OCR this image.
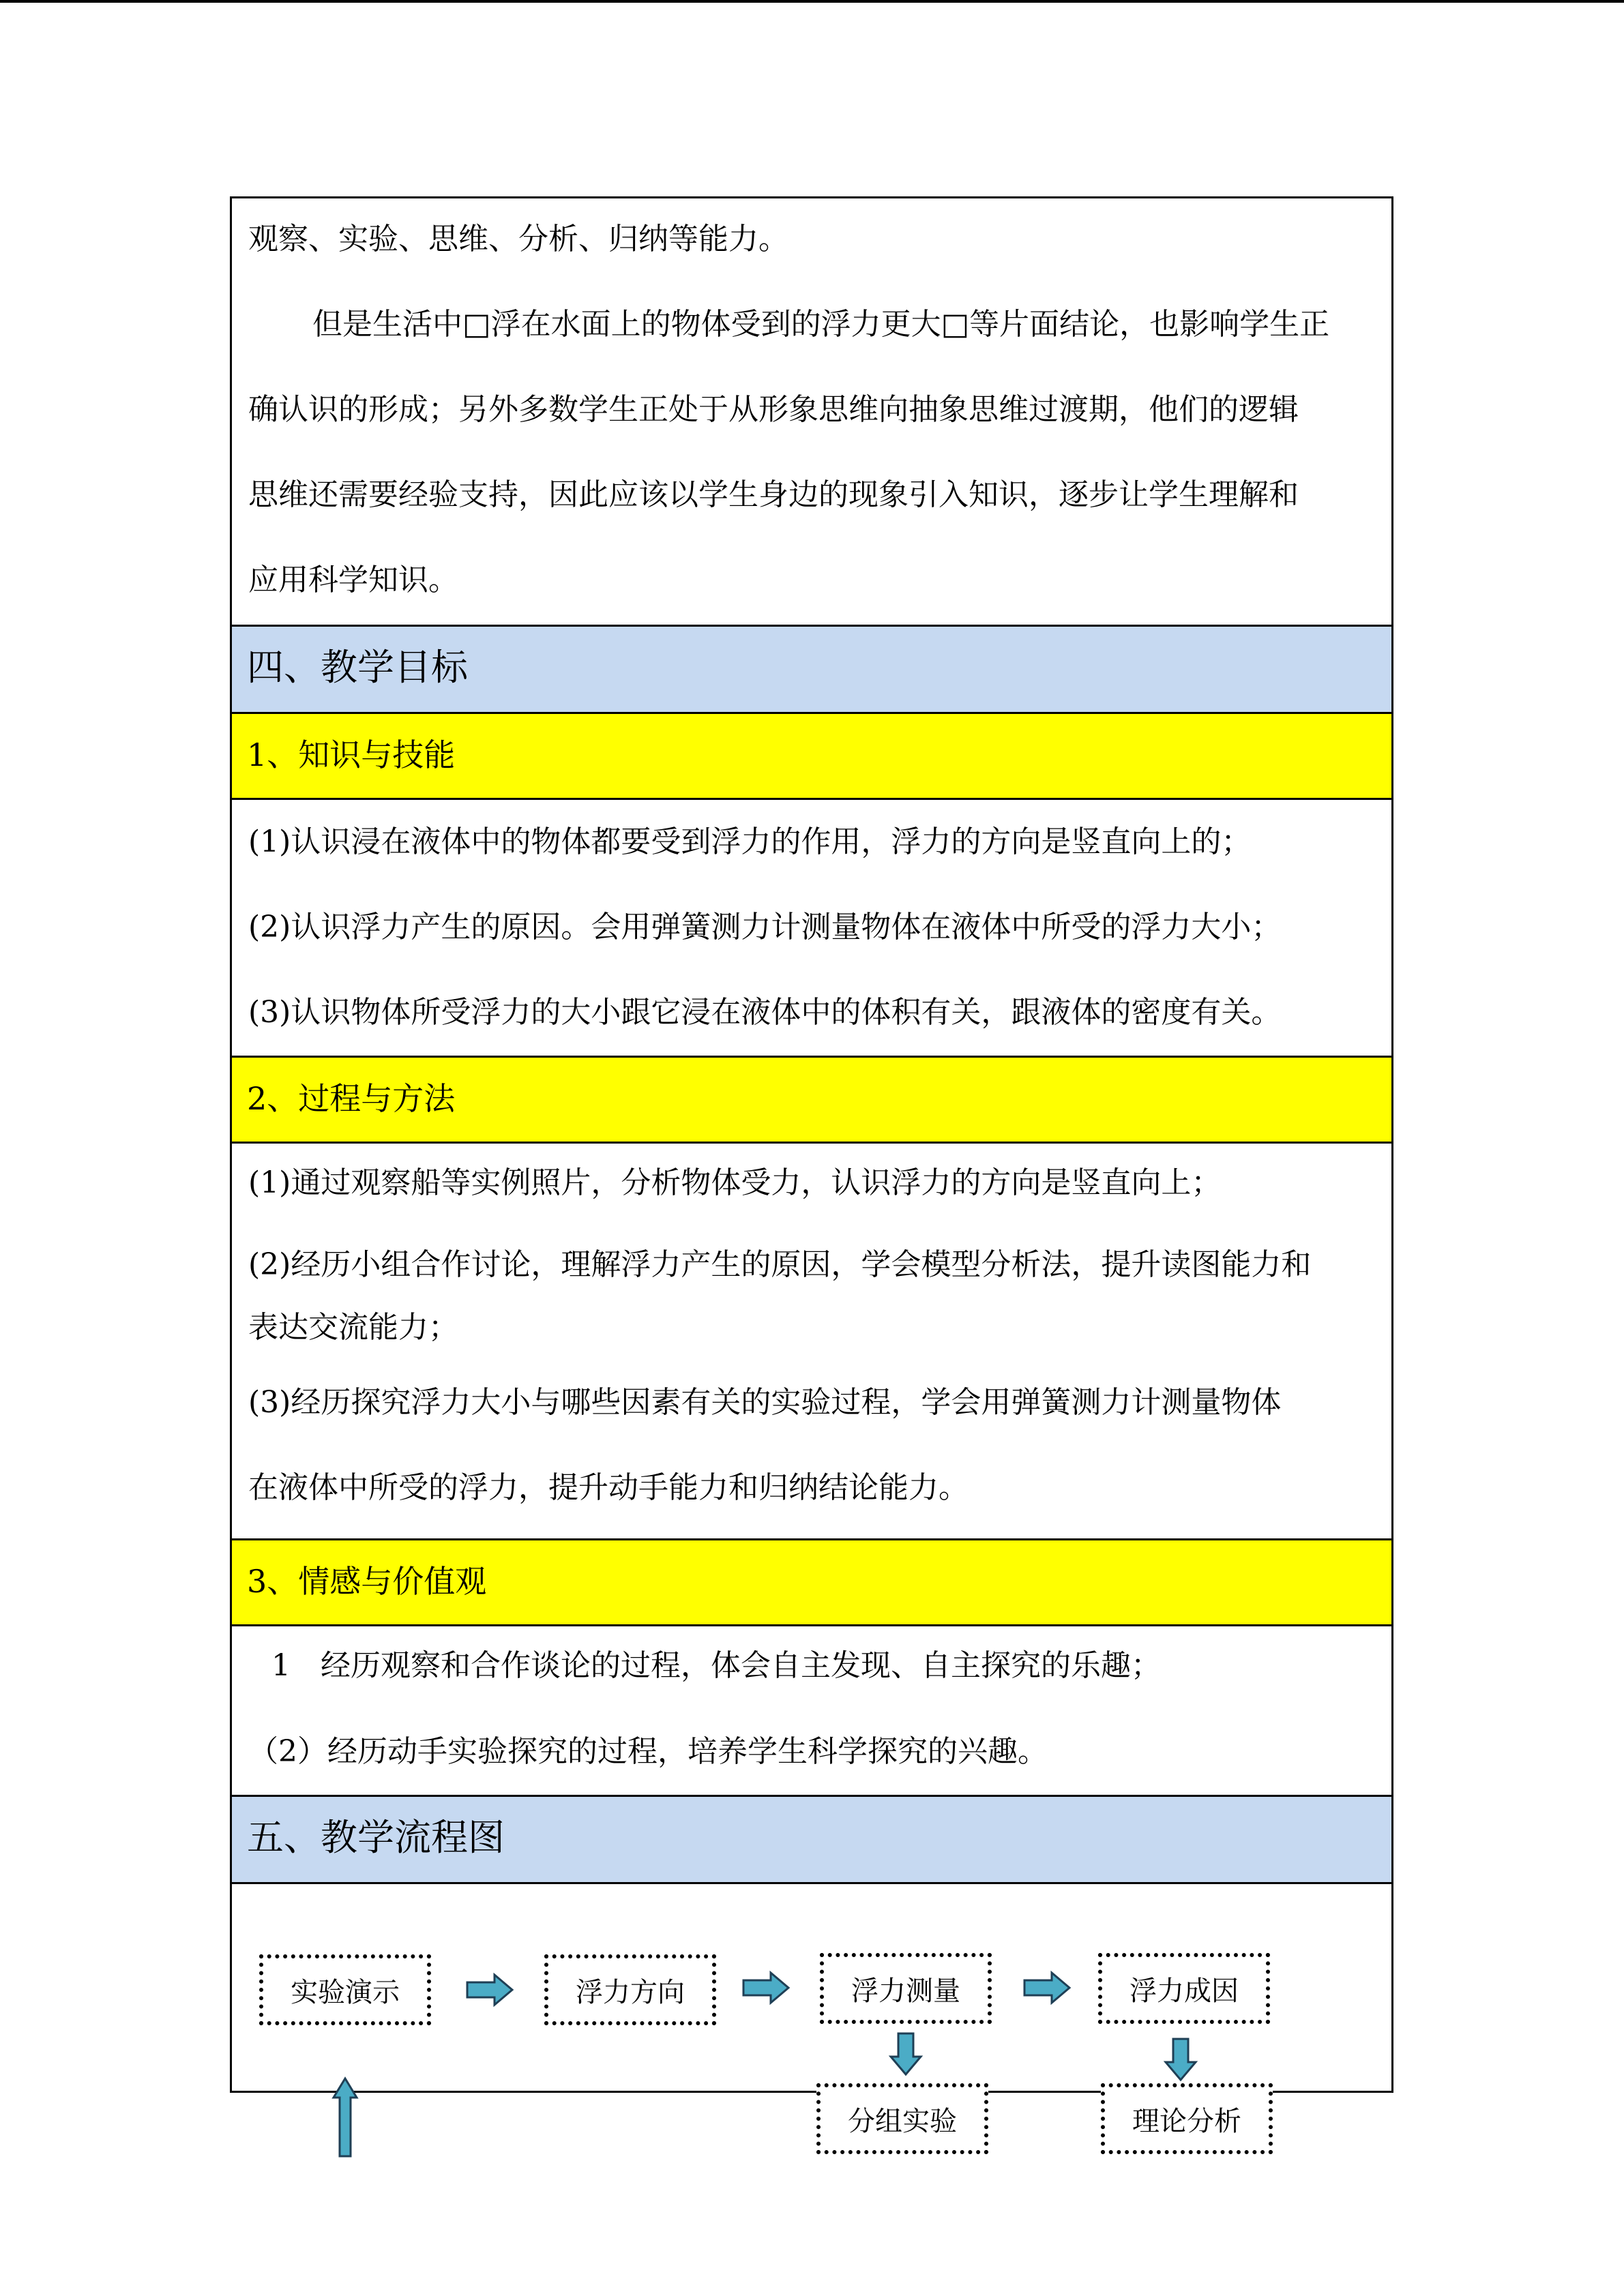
观察、实验、思维、分析、归纳等能力。
但是生活中□浮在水面上的物体受到的浮力更大□等片面结论，也影响学生正
确认识的形成；另外多数学生正处于从形象思维向抽象思维过渡期，他们的逻辑
思维还需要经验支持，因此应该以学生身边的现象引入知识，逐步让学生理解和
应用科学知识。
四、教学目标
1、知识与技能
(1)认识浸在液体中的物体都要受到浮力的作用，浮力的方向是竖直向上的；
(2)认识浮力产生的原因。会用弹簧测力计测量物体在液体中所受的浮力大小；
(3)认识物体所受浮力的大小跟它浸在液体中的体积有关，跟液体的密度有关。
2、过程与方法
(1)通过观察船等实例照片，分析物体受力，认识浮力的方向是竖直向上；
(2)经历小组合作讨论，理解浮力产生的原因，学会模型分析法，提升读图能力和
表达交流能力；
(3)经历探究浮力大小与哪些因素有关的实验过程，学会用弹簧测力计测量物体
在液体中所受的浮力，提升动手能力和归纳结论能力。
3、情感与价值观
1　经历观察和合作谈论的过程，体会自主发现、自主探究的乐趣；
（2）经历动手实验探究的过程，培养学生科学探究的兴趣。
五、教学流程图
实验演示	浮力方向	浮力测量	浮力成因
分组实验	理论分析
